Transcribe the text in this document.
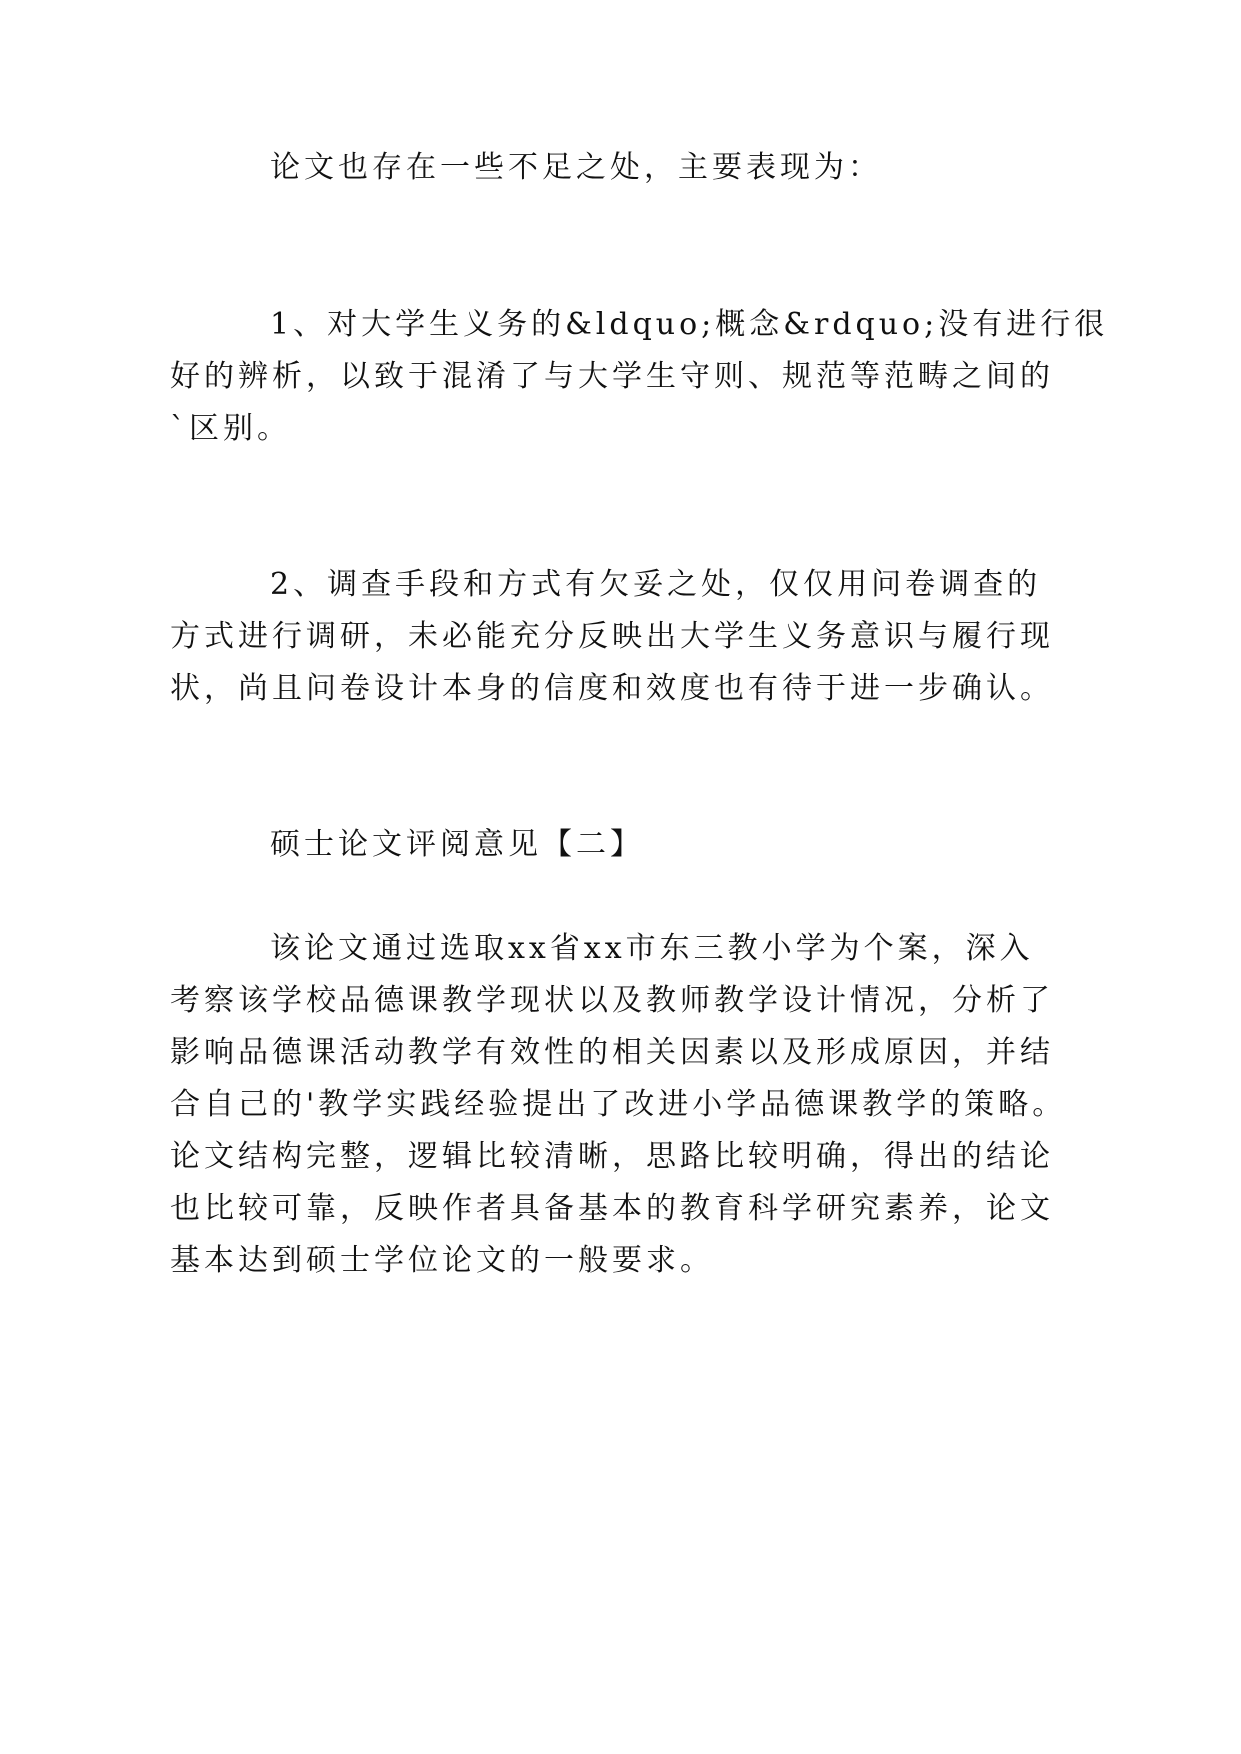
论文也存在一些不足之处，主要表现为：

1、对大学生义务的&ldquo;概念&rdquo;没有进行很

好的辨析，以致于混淆了与大学生守则、规范等范畴之间的

`区别。

2、调查手段和方式有欠妥之处，仅仅用问卷调查的

方式进行调研，未必能充分反映出大学生义务意识与履行现

状，尚且问卷设计本身的信度和效度也有待于进一步确认。

硕士论文评阅意见【二】

该论文通过选取xx省xx市东三教小学为个案，深入

考察该学校品德课教学现状以及教师教学设计情况，分析了

影响品德课活动教学有效性的相关因素以及形成原因，并结

合自己的'教学实践经验提出了改进小学品德课教学的策略。

论文结构完整，逻辑比较清晰，思路比较明确，得出的结论

也比较可靠，反映作者具备基本的教育科学研究素养，论文

基本达到硕士学位论文的一般要求。
